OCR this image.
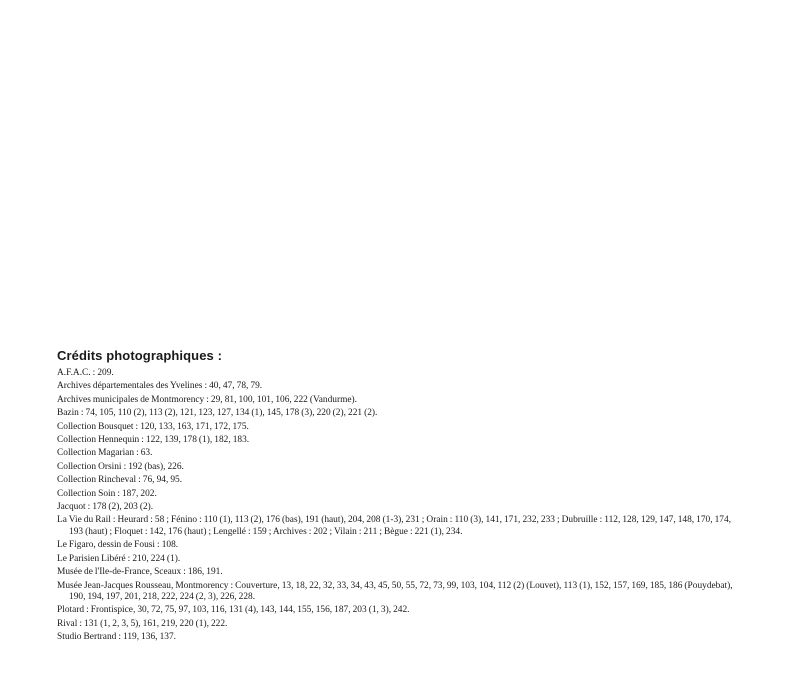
Crédits photographiques :
A.F.A.C. : 209.
Archives départementales des Yvelines : 40, 47, 78, 79.
Archives municipales de Montmorency : 29, 81, 100, 101, 106, 222 (Vandurme).
Bazin : 74, 105, 110 (2), 113 (2), 121, 123, 127, 134 (1), 145, 178 (3), 220 (2), 221 (2).
Collection Bousquet : 120, 133, 163, 171, 172, 175.
Collection Hennequin : 122, 139, 178 (1), 182, 183.
Collection Magarian : 63.
Collection Orsini : 192 (bas), 226.
Collection Rincheval : 76, 94, 95.
Collection Soin : 187, 202.
Jacquot : 178 (2), 203 (2).
La Vie du Rail : Heurard : 58 ; Fénino : 110 (1), 113 (2), 176 (bas), 191 (haut), 204, 208 (1-3), 231 ; Orain : 110 (3), 141, 171, 232, 233 ; Dubruille : 112, 128, 129, 147, 148, 170, 174, 193 (haut) ; Floquet : 142, 176 (haut) ; Lengellé : 159 ; Archives : 202 ; Vilain : 211 ; Bègue : 221 (1), 234.
Le Figaro, dessin de Fousi : 108.
Le Parisien Libéré : 210, 224 (1).
Musée de l'Ile-de-France, Sceaux : 186, 191.
Musée Jean-Jacques Rousseau, Montmorency : Couverture, 13, 18, 22, 32, 33, 34, 43, 45, 50, 55, 72, 73, 99, 103, 104, 112 (2) (Louvet), 113 (1), 152, 157, 169, 185, 186 (Pouydebat), 190, 194, 197, 201, 218, 222, 224 (2, 3), 226, 228.
Plotard : Frontispice, 30, 72, 75, 97, 103, 116, 131 (4), 143, 144, 155, 156, 187, 203 (1, 3), 242.
Rival : 131 (1, 2, 3, 5), 161, 219, 220 (1), 222.
Studio Bertrand : 119, 136, 137.
